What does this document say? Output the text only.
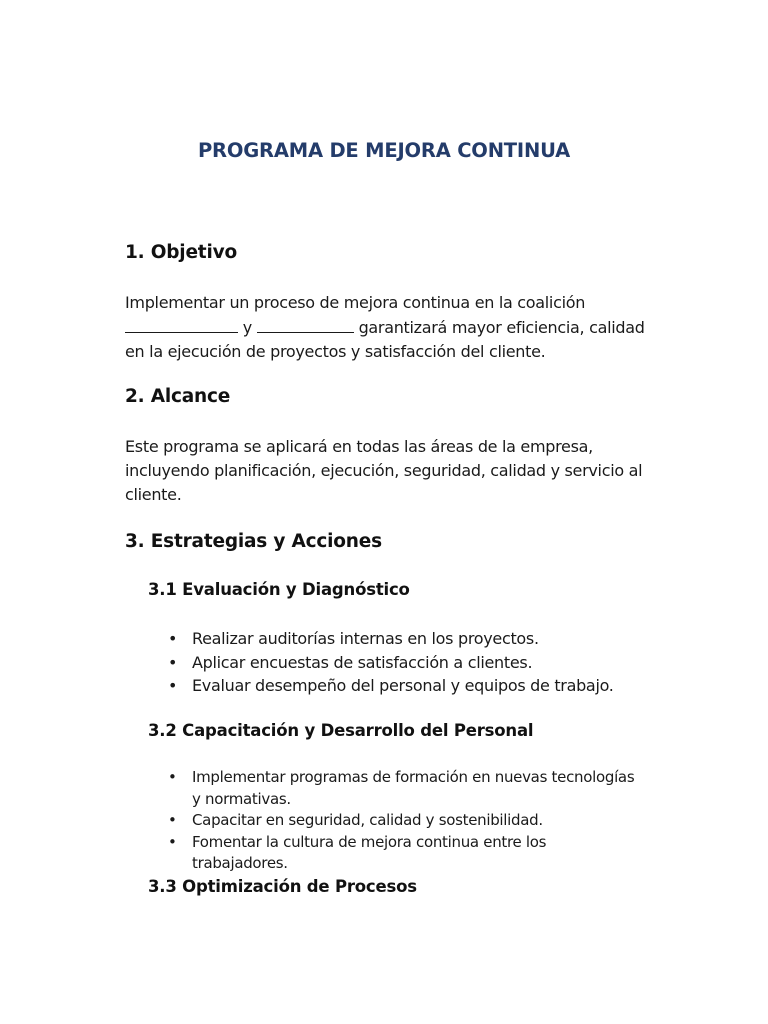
PROGRAMA DE MEJORA CONTINUA
1. Objetivo
Implementar un proceso de mejora continua en la coalición
y	garantizará mayor eficiencia, calidad
en la ejecución de proyectos y satisfacción del cliente.
2. Alcance
Este programa se aplicará en todas las áreas de la empresa, incluyendo planificación, ejecución, seguridad, calidad y servicio al cliente.
3. Estrategias y Acciones
3.1 Evaluación y Diagnóstico
• Realizar auditorías internas en los proyectos.
• Aplicar encuestas de satisfacción a clientes.
• Evaluar desempeño del personal y equipos de trabajo.
3.2 Capacitación y Desarrollo del Personal
• Implementar programas de formación en nuevas tecnologías y normativas.
• Capacitar en seguridad, calidad y sostenibilidad.
• Fomentar la cultura de mejora continua entre los trabajadores.
3.3 Optimización de Procesos
